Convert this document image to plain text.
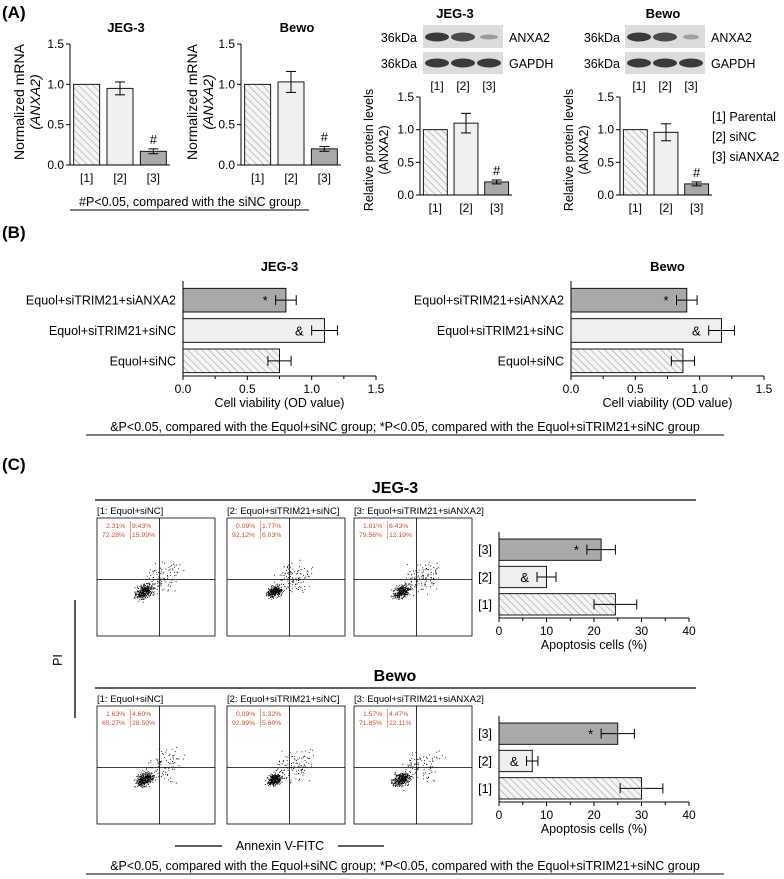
(A)
Normalized mRNA (ANXA2)	Normalized mRNA (ANXA2)
JEG-3
0.0
0.5
1.0
1.5
[1] [2]
#
[3]
Bewo
0.0
0.5
1.0
1.5
[1] [2]
#
[3]
#P<0.05, compared with the siNC group
JEG-3
36kDa
36kDa
ANXA2
GAPDH
[1] [2] [3]
Bewo
36kDa
36kDa
ANXA2
GAPDH
[1] [2] [3]
Relative protein levels (ANXA2)	Relative protein levels (ANXA2)
0.0
0.5
1.0
1.5
[1] [2]
#
[3]
0.0
0.5
1.0
1.5
[1] [2]
#
[3]
[1] Parental
[2] siNC
[3] siANXA2
(B)
JEG-3
*
Equol+siTRIM21+siANXA2
&
Equol+siTRIM21+siNC
Equol+siNC
0.0	0.5	1.0	1.5
Cell viability (OD value)
Bewo
*
Equol+siTRIM21+siANXA2
&
Equol+siTRIM21+siNC
Equol+siNC
0.0	0.5	1.0	1.5
Cell viability (OD value)
&P<0.05, compared with the Equol+siNC group; *P<0.05, compared with the Equol+siTRIM21+siNC group
(C)
JEG-3
Bewo
[1: Equol+siNC]
2.31% 9.43%
72.28% 15.99%
[2: Equol+siTRIM21+siNC]
0.09% 1.77%
92.12% 6.03%
[3: Equol+siTRIM21+siANXA2]
1.81% 6.43%
79.56% 12.19%
[1: Equol+siNC]
1.63% 4.60%
65.27% 28.50%
[2: Equol+siTRIM21+siNC]
0.09% 1.32%
92.99% 5.60%
[3: Equol+siTRIM21+siANXA2]
1.57% 4.47%
71.85% 22.11%
PI
Annexin V-FITC
*
[3]
&
[2]
[1]
0	10	20	30	40
Apoptosis cells (%)
*
[3]
&
[2]
[1]
0	10	20	30	40
Apoptosis cells (%)
&P<0.05, compared with the Equol+siNC group; *P<0.05, compared with the Equol+siTRIM21+siNC group
